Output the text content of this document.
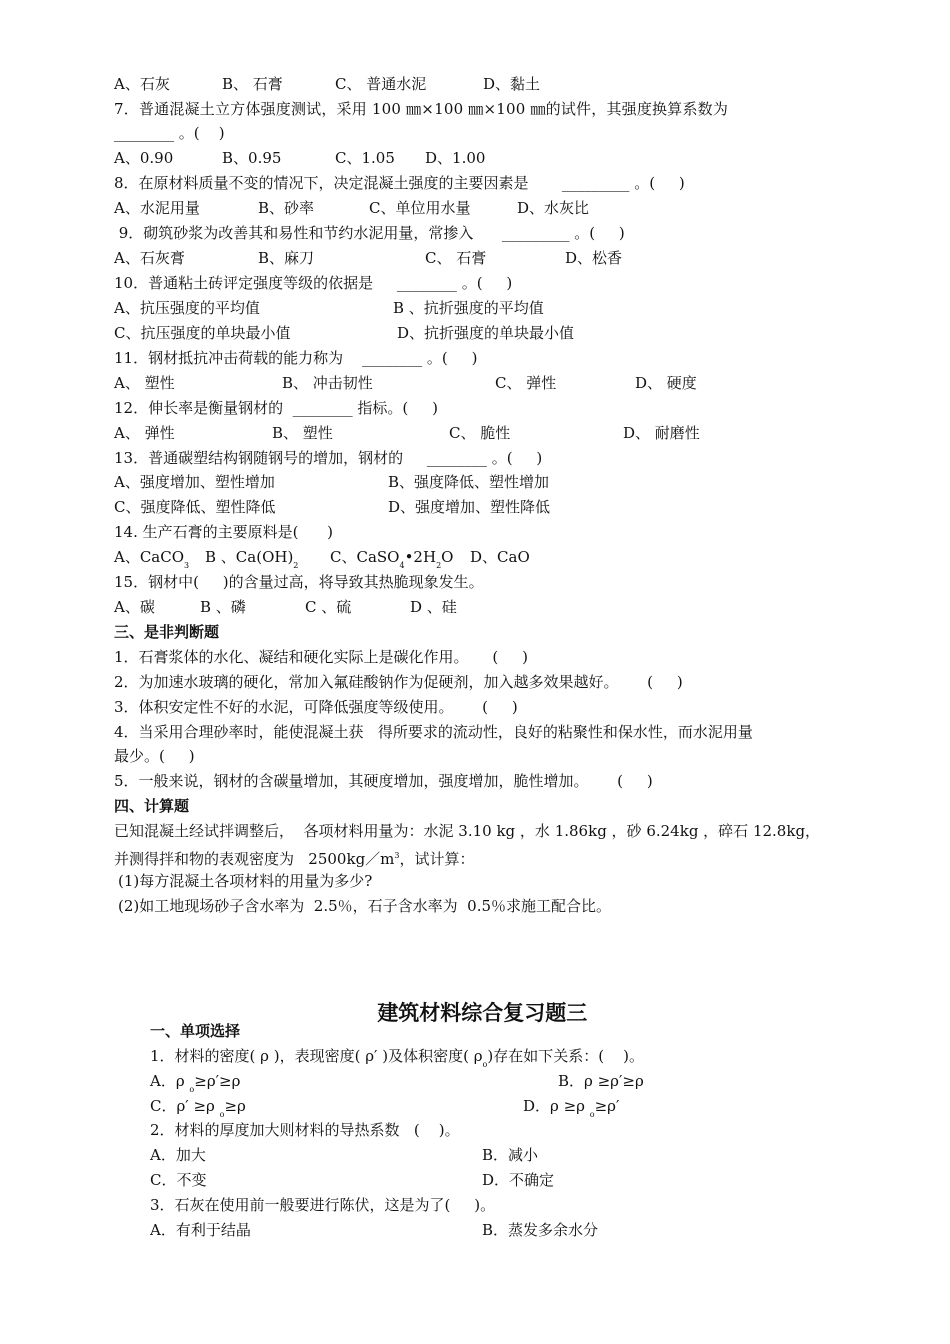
A、石灰

	B、 石膏

	C、 普通水泥

	D、黏土

7．普通混凝土立方体强度测试，采用 100 ㎜×100 ㎜×100 ㎜的试件，其强度换算系数为

________ 。(    )

A、0.90

	B、0.95

	C、1.05

D、1.00

8．在原材料质量不变的情况下，决定混凝土强度的主要因素是       _________ 。(     )

A、水泥用量

	B、砂率

	C、单位用水量

	D、水灰比

9．砌筑砂浆为改善其和易性和节约水泥用量，常掺入      _________ 。(     )

A、石灰膏

	B、麻刀

	C、 石膏

	D、松香

10．普通粘土砖评定强度等级的依据是     ________ 。(     )

A、抗压强度的平均值

	B 、抗折强度的平均值

C、抗压强度的单块最小值

	D、抗折强度的单块最小值

11．钢材抵抗冲击荷载的能力称为    ________ 。(     )

A、 塑性

	B、 冲击韧性

	C、 弹性

	D、 硬度

12．伸长率是衡量钢材的  ________ 指标。(     )

A、 弹性

	B、 塑性

	C、 脆性

	D、 耐磨性

13．普通碳塑结构钢随钢号的增加，钢材的     ________ 。(     )

A、强度增加、塑性增加

	B、强度降低、塑性增加

C、强度降低、塑性降低

	D、强度增加、塑性降低

14. 生产石膏的主要原料是(      )

A、CaCO$_3$

B 、$Ca(OH)_2$

C、$CaSO_4•2H_2O$

D、CaO

15．钢材中(     )的含量过高，将导致其热脆现象发生。

A、碳

	B 、磷

	C 、硫

	D 、硅

三、是非判断题

1．石膏浆体的水化、凝结和硬化实际上是碳化作用。     (     )

2．为加速水玻璃的硬化，常加入氟硅酸钠作为促硬剂，加入越多效果越好。      (     )

3．体积安定性不好的水泥，可降低强度等级使用。      (     )

4．当采用合理砂率时，能使混凝土获   得所要求的流动性，良好的粘聚性和保水性，而水泥用量

最少。(     )

5．一般来说，钢材的含碳量增加，其硬度增加，强度增加，脆性增加。      (     )

四、计算题

已知混凝土经试拌调整后，  各项材料用量为：水泥 3.10 kg ，水 1.86kg ，砂 6.24kg ，碎石 12.8kg，

并测得拌和物的表观密度为   $2500kg/m^3$，试计算：

(1)每方混凝土各项材料的用量为多少?

(2)如工地现场砂子含水率为  2.5％，石子含水率为  0.5％求施工配合比。

建筑材料综合复习题三

一、单项选择

1．材料的密度( ρ )，表现密度( ρ′ )及体积密度( $\rho_o$)存在如下关系：(    )。

A．ρ $_o$≥ρ′≥ρ

	B．ρ ≥ρ′≥ρ

C．ρ′ ≥ρ $_o$≥ρ

	D．ρ ≥ρ $_o$≥ρ′

2．材料的厚度加大则材料的导热系数   (    )。

A．加大

	B．减小

C．不变

	D．不确定

3．石灰在使用前一般要进行陈伏，这是为了(     )。

A．有利于结晶

	B．蒸发多余水分
